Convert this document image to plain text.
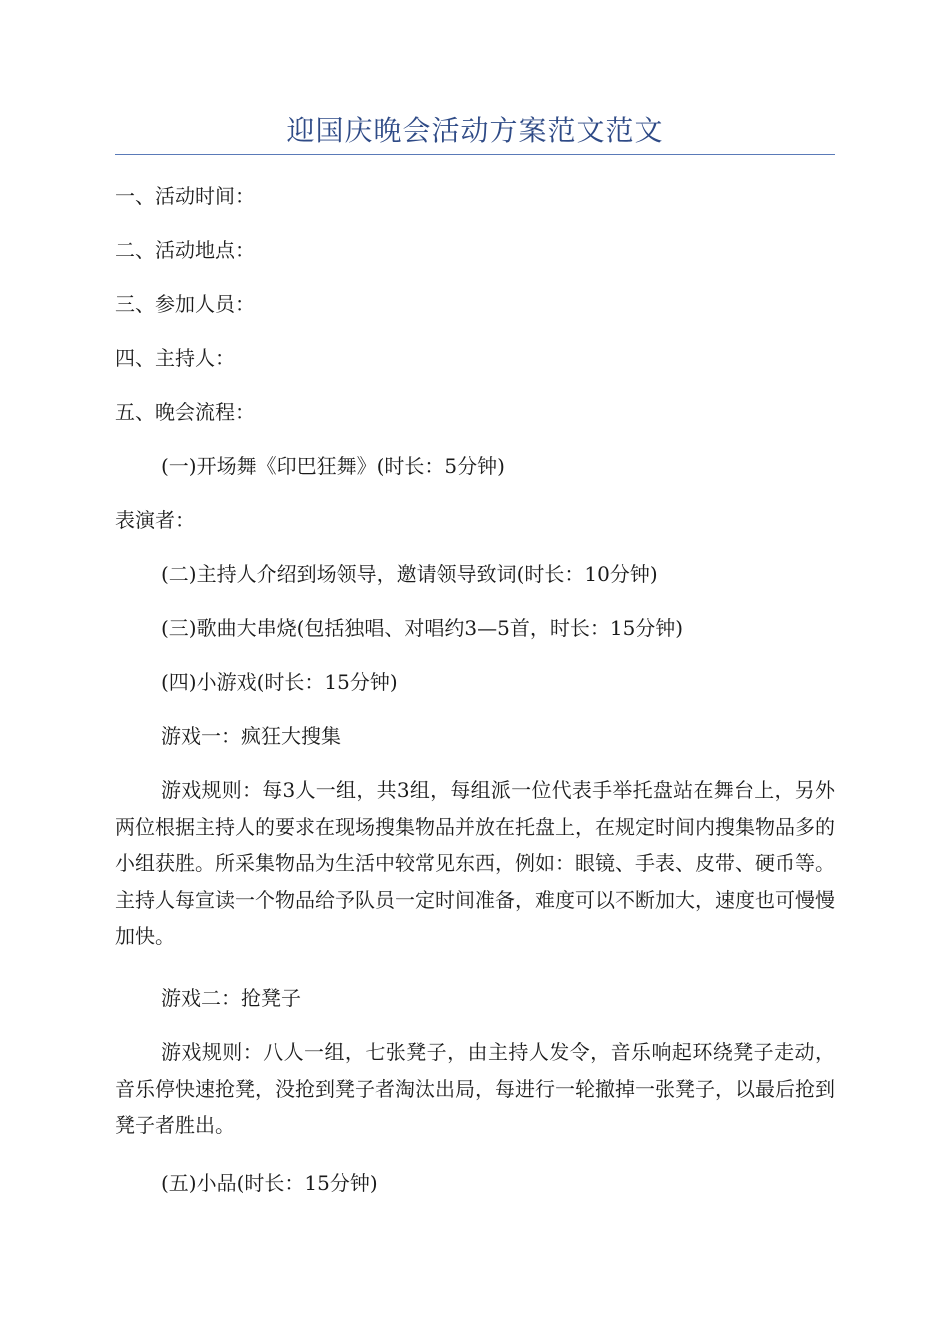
迎国庆晚会活动方案范文范文

一、活动时间：

二、活动地点：

三、参加人员：

四、主持人：

五、晚会流程：

(一)开场舞《印巴狂舞》(时长：5分钟)

表演者：

(二)主持人介绍到场领导，邀请领导致词(时长：10分钟)

(三)歌曲大串烧(包括独唱、对唱约3—5首，时长：15分钟)

(四)小游戏(时长：15分钟)

游戏一：疯狂大搜集

游戏规则：每3人一组，共3组，每组派一位代表手举托盘站在舞台上，另外两位根据主持人的要求在现场搜集物品并放在托盘上，在规定时间内搜集物品多的小组获胜。所采集物品为生活中较常见东西，例如：眼镜、手表、皮带、硬币等。主持人每宣读一个物品给予队员一定时间准备，难度可以不断加大，速度也可慢慢加快。

游戏二：抢凳子

游戏规则：八人一组，七张凳子，由主持人发令，音乐响起环绕凳子走动，音乐停快速抢凳，没抢到凳子者淘汰出局，每进行一轮撤掉一张凳子，以最后抢到凳子者胜出。

(五)小品(时长：15分钟)
